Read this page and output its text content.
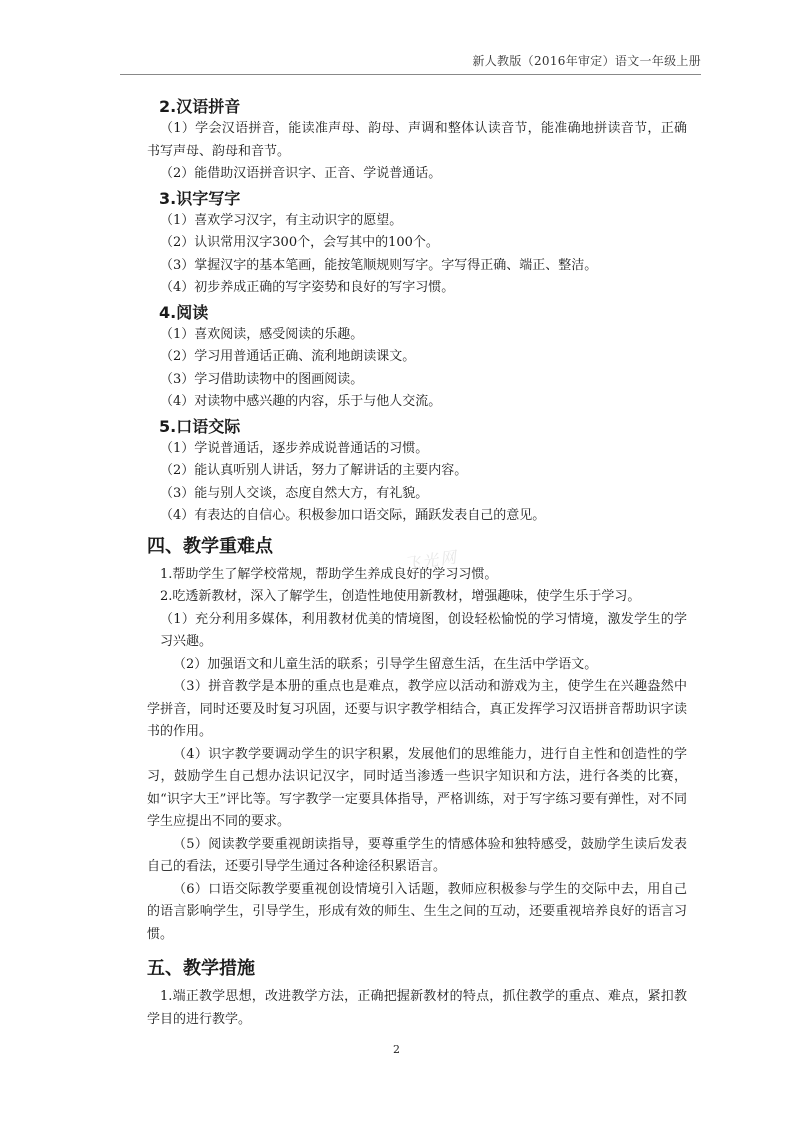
新人教版（2016年审定）语文一年级上册
飞光网
2.汉语拼音

（1）学会汉语拼音，能读准声母、韵母、声调和整体认读音节，能准确地拼读音节，正确书写声母、韵母和音节。

（2）能借助汉语拼音识字、正音、学说普通话。

3.识字写字

（1）喜欢学习汉字，有主动识字的愿望。

（2）认识常用汉字300个，会写其中的100个。

（3）掌握汉字的基本笔画，能按笔顺规则写字。字写得正确、端正、整洁。

（4）初步养成正确的写字姿势和良好的写字习惯。

4.阅读

（1）喜欢阅读，感受阅读的乐趣。

（2）学习用普通话正确、流利地朗读课文。

（3）学习借助读物中的图画阅读。

（4）对读物中感兴趣的内容，乐于与他人交流。

5.口语交际

（1）学说普通话，逐步养成说普通话的习惯。

（2）能认真听别人讲话，努力了解讲话的主要内容。

（3）能与别人交谈，态度自然大方，有礼貌。

（4）有表达的自信心。积极参加口语交际，踊跃发表自己的意见。

四、教学重难点

1.帮助学生了解学校常规，帮助学生养成良好的学习习惯。

2.吃透新教材，深入了解学生，创造性地使用新教材，增强趣味，使学生乐于学习。

（1）充分利用多媒体，利用教材优美的情境图，创设轻松愉悦的学习情境，激发学生的学习兴趣。

（2）加强语文和儿童生活的联系；引导学生留意生活，在生活中学语文。

（3）拼音教学是本册的重点也是难点，教学应以活动和游戏为主，使学生在兴趣盎然中学拼音，同时还要及时复习巩固，还要与识字教学相结合，真正发挥学习汉语拼音帮助识字读书的作用。

（4）识字教学要调动学生的识字积累，发展他们的思维能力，进行自主性和创造性的学习，鼓励学生自己想办法识记汉字，同时适当渗透一些识字知识和方法，进行各类的比赛，如“识字大王”评比等。写字教学一定要具体指导，严格训练，对于写字练习要有弹性，对不同学生应提出不同的要求。

（5）阅读教学要重视朗读指导，要尊重学生的情感体验和独特感受，鼓励学生读后发表自己的看法，还要引导学生通过各种途径积累语言。

（6）口语交际教学要重视创设情境引入话题，教师应积极参与学生的交际中去，用自己的语言影响学生，引导学生，形成有效的师生、生生之间的互动，还要重视培养良好的语言习惯。

五、教学措施

1.端正教学思想，改进教学方法，正确把握新教材的特点，抓住教学的重点、难点，紧扣教学目的进行教学。

2
